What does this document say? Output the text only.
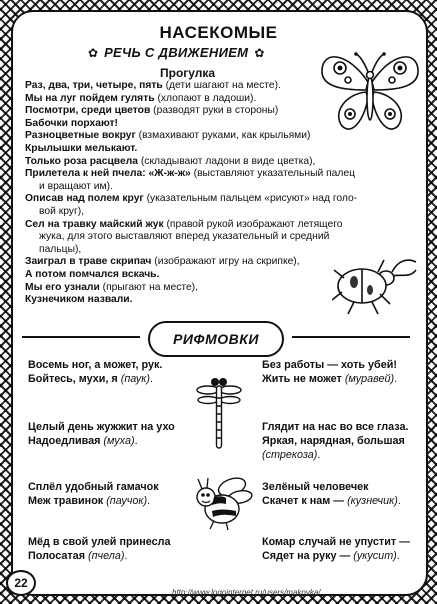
НАСЕКОМЫЕ
✿ РЕЧЬ С ДВИЖЕНИЕМ ✿
Прогулка
Раз, два, три, четыре, пять (дети шагают на месте).
Мы на луг пойдем гулять (хлопают в ладоши).
Посмотри, среди цветов (разводят руки в стороны)
Бабочки порхают!
Разноцветные вокруг (взмахивают руками, как крыльями)
Крылышки мелькают.
Только роза расцвела (складывают ладони в виде цветка),
Прилетела к ней пчела: «Ж-ж-ж» (выставляют указательный палец
и вращают им).
Описав над полем круг (указательным пальцем «рисуют» над голо-
вой круг),
Сел на травку майский жук (правой рукой изображают летящего
жука, для этого выставляют вперед указательный и средний
пальцы),
Заиграл в траве скрипач (изображают игру на скрипке),
А потом помчался вскачь.
Мы его узнали (прыгают на месте),
Кузнечиком назвали.
РИФМОВКИ
Восемь ног, а может, рук.
Бойтесь, мухи, я (паук).
Без работы — хоть убей!
Жить не может (муравей).
Целый день жужжит на ухо
Надоедливая (муха).
Глядит на нас во все глаза.
Яркая, нарядная, большая
(стрекоза).
Сплёл удобный гамачок
Меж травинок (паучок).
Зелёный человечек
Скачет к нам — (кузнечик).
Мёд в свой улей принесла
Полосатая (пчела).
Комар случай не упустит —
Сядет на руку — (укусит).
22
http://www.logointernet.ru/users/makovka/
